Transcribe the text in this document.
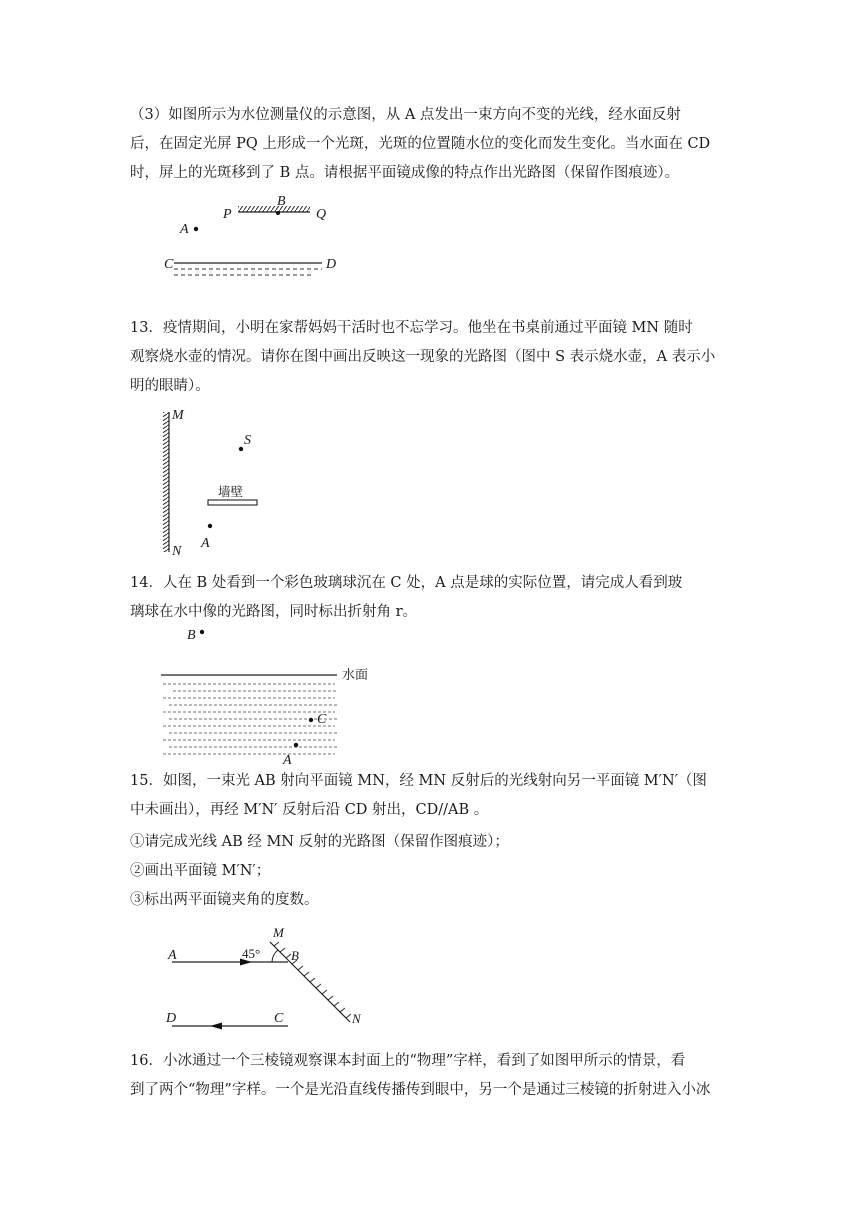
（3）如图所示为水位测量仪的示意图，从 A 点发出一束方向不变的光线，经水面反射
后，在固定光屏 PQ 上形成一个光斑，光斑的位置随水位的变化而发生变化。当水面在 CD
时，屏上的光斑移到了 B 点。请根据平面镜成像的特点作出光路图（保留作图痕迹）。
P
B
Q
A
C	D
13．疫情期间，小明在家帮妈妈干活时也不忘学习。他坐在书桌前通过平面镜 MN 随时
观察烧水壶的情况。请你在图中画出反映这一现象的光路图（图中 S 表示烧水壶，A 表示小
明的眼睛）。
M
N
S
墙壁
A
14．人在 B 处看到一个彩色玻璃球沉在 C 处，A 点是球的实际位置，请完成人看到玻
璃球在水中像的光路图，同时标出折射角 r。
B
水面
C
A
15．如图，一束光 AB 射向平面镜 MN，经 MN 反射后的光线射向另一平面镜 M′N′（图
中未画出），再经 M′N′ 反射后沿 CD 射出，CD//AB 。
①请完成光线 AB 经 MN 反射的光路图（保留作图痕迹）；
②画出平面镜 M′N′；
③标出两平面镜夹角的度数。
A
M
B
N
45°
D	C
16．小冰通过一个三棱镜观察课本封面上的“物理”字样，看到了如图甲所示的情景，看
到了两个“物理”字样。一个是光沿直线传播传到眼中，另一个是通过三棱镜的折射进入小冰
